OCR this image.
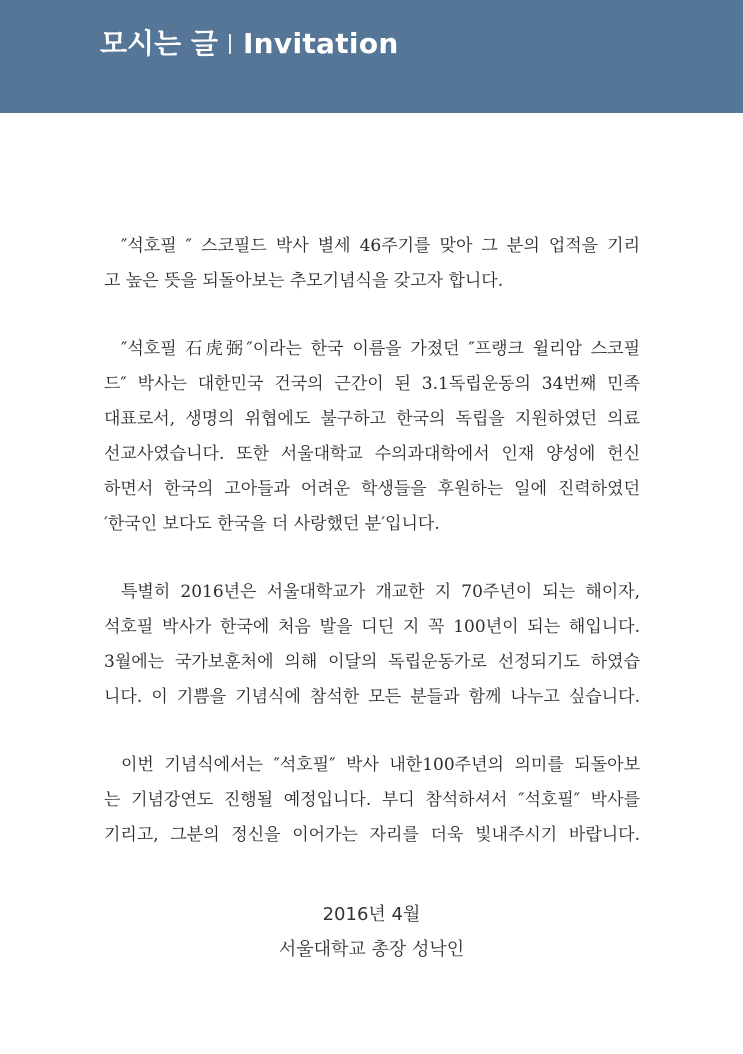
모시는 글 Invitation
″석호필 ″ 스코필드 박사 별세 46주기를 맞아 그 분의 업적을 기리
고 높은 뜻을 되돌아보는 추모기념식을 갖고자 합니다.
″석호필 石虎弼″이라는 한국 이름을 가졌던 ″프랭크 윌리암 스코필
드″ 박사는 대한민국 건국의 근간이 된 3.1독립운동의 34번째 민족
대표로서, 생명의 위협에도 불구하고 한국의 독립을 지원하였던 의료
선교사였습니다. 또한 서울대학교 수의과대학에서 인재 양성에 헌신
하면서 한국의 고아들과 어려운 학생들을 후원하는 일에 진력하였던
′한국인 보다도 한국을 더 사랑했던 분′입니다.
특별히 2016년은 서울대학교가 개교한 지 70주년이 되는 해이자,
석호필 박사가 한국에 처음 발을 디딘 지 꼭 100년이 되는 해입니다.
3월에는 국가보훈처에 의해 이달의 독립운동가로 선정되기도 하였습
니다. 이 기쁨을 기념식에 참석한 모든 분들과 함께 나누고 싶습니다.
이번 기념식에서는 ″석호필″ 박사 내한100주년의 의미를 되돌아보
는 기념강연도 진행될 예정입니다. 부디 참석하셔서 ″석호필″ 박사를
기리고, 그분의 정신을 이어가는 자리를 더욱 빛내주시기 바랍니다.
2016년 4월
서울대학교 총장 성낙인
